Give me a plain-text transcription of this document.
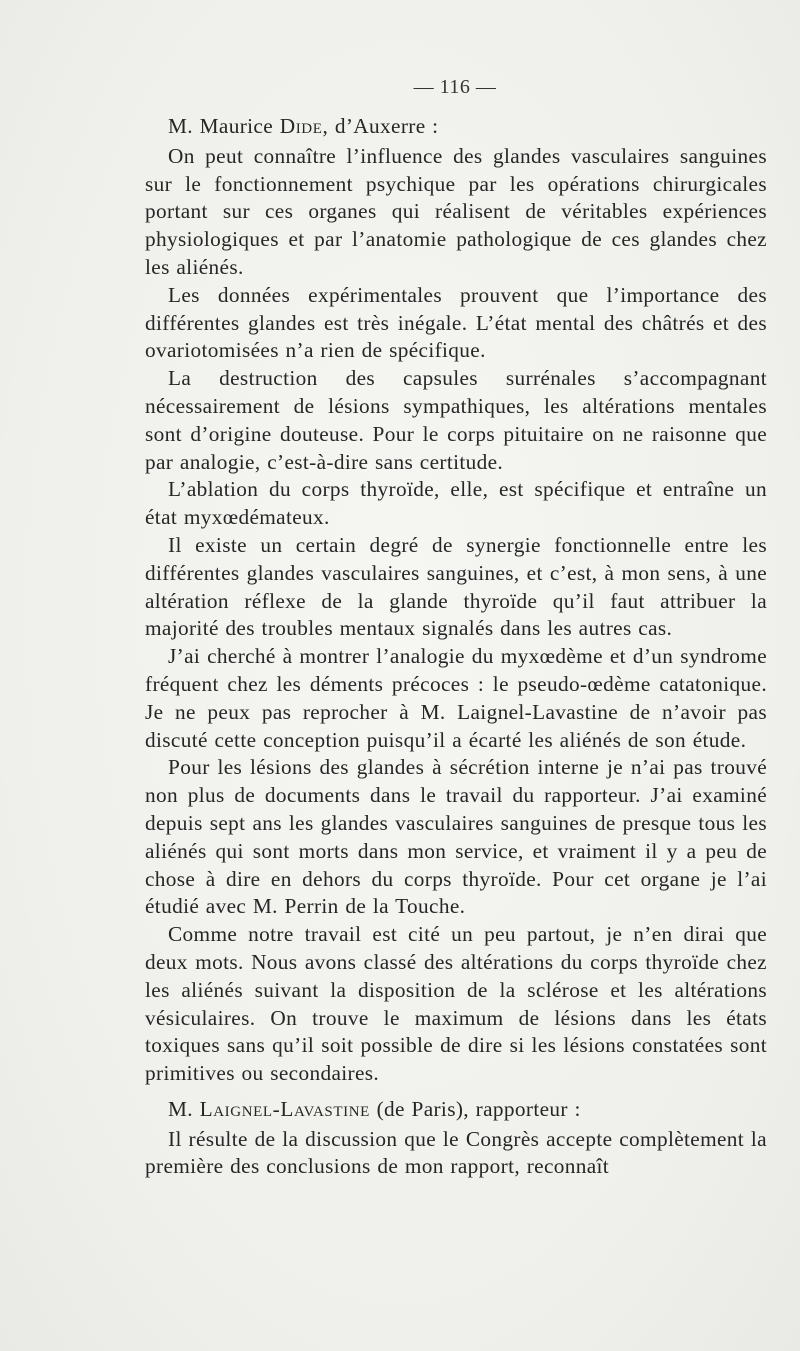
— 116 —

M. Maurice Dide, d’Auxerre :

On peut connaître l’influence des glandes vasculaires sanguines sur le fonctionnement psychique par les opérations chirurgicales portant sur ces organes qui réalisent de véritables expériences physiologiques et par l’anatomie pathologique de ces glandes chez les aliénés.

Les données expérimentales prouvent que l’importance des différentes glandes est très inégale. L’état mental des châtrés et des ovariotomisées n’a rien de spécifique.

La destruction des capsules surrénales s’accompagnant nécessairement de lésions sympathiques, les altérations mentales sont d’origine douteuse. Pour le corps pituitaire on ne raisonne que par analogie, c’est-à-dire sans certitude.

L’ablation du corps thyroïde, elle, est spécifique et entraîne un état myxœdémateux.

Il existe un certain degré de synergie fonctionnelle entre les différentes glandes vasculaires sanguines, et c’est, à mon sens, à une altération réflexe de la glande thyroïde qu’il faut attribuer la majorité des troubles mentaux signalés dans les autres cas.

J’ai cherché à montrer l’analogie du myxœdème et d’un syndrome fréquent chez les déments précoces : le pseudo-œdème catatonique. Je ne peux pas reprocher à M. Laignel-Lavastine de n’avoir pas discuté cette conception puisqu’il a écarté les aliénés de son étude.

Pour les lésions des glandes à sécrétion interne je n’ai pas trouvé non plus de documents dans le travail du rapporteur. J’ai examiné depuis sept ans les glandes vasculaires sanguines de presque tous les aliénés qui sont morts dans mon service, et vraiment il y a peu de chose à dire en dehors du corps thyroïde. Pour cet organe je l’ai étudié avec M. Perrin de la Touche.

Comme notre travail est cité un peu partout, je n’en dirai que deux mots. Nous avons classé des altérations du corps thyroïde chez les aliénés suivant la disposition de la sclérose et les altérations vésiculaires. On trouve le maximum de lésions dans les états toxiques sans qu’il soit possible de dire si les lésions constatées sont primitives ou secondaires.

M. Laignel-Lavastine (de Paris), rapporteur :

Il résulte de la discussion que le Congrès accepte complètement la première des conclusions de mon rapport, reconnaît
